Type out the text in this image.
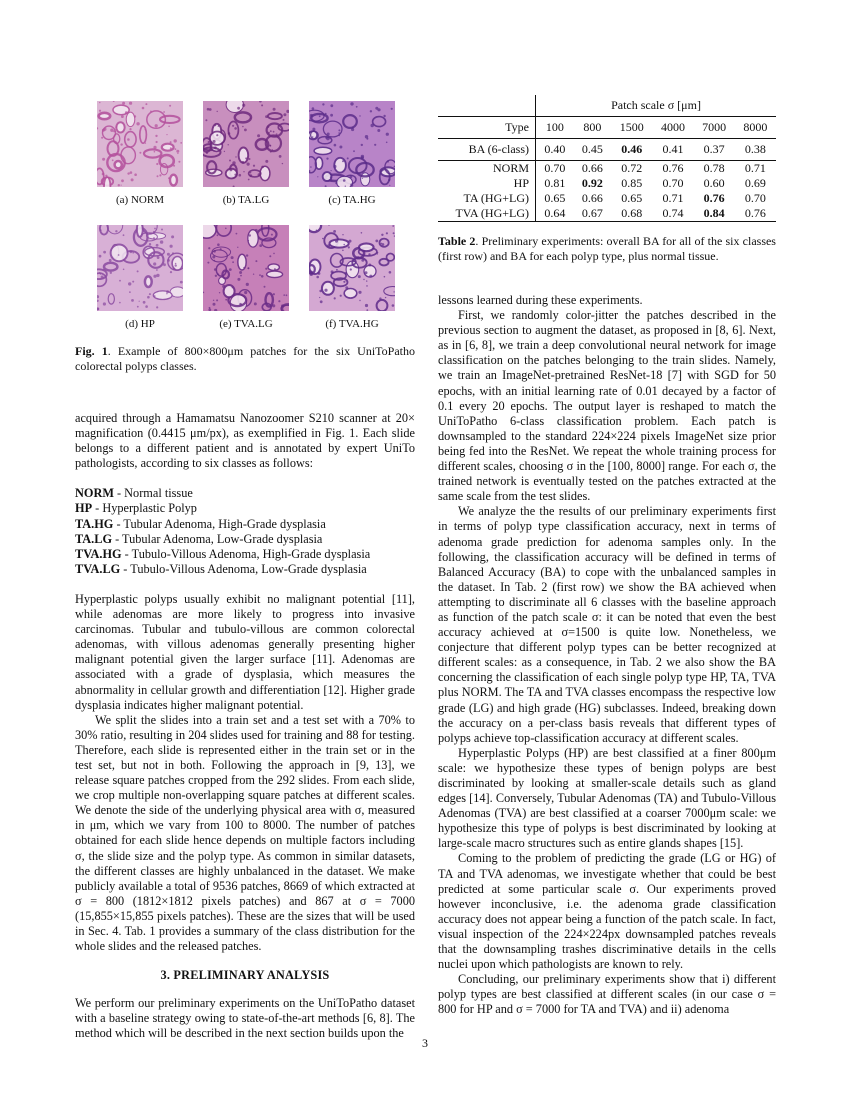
(a) NORM	(b) TA.LG	(c) TA.HG
(d) HP	(e) TVA.LG	(f) TVA.HG
Fig. 1. Example of 800×800μm patches for the six UniToPatho colorectal polyps classes.

acquired through a Hamamatsu Nanozoomer S210 scanner at 20× magnification (0.4415 μm/px), as exemplified in Fig. 1. Each slide belongs to a different patient and is annotated by expert UniTo pathologists, according to six classes as follows:

NORM - Normal tissue
HP - Hyperplastic Polyp
TA.HG - Tubular Adenoma, High-Grade dysplasia
TA.LG - Tubular Adenoma, Low-Grade dysplasia
TVA.HG - Tubulo-Villous Adenoma, High-Grade dysplasia
TVA.LG - Tubulo-Villous Adenoma, Low-Grade dysplasia

Hyperplastic polyps usually exhibit no malignant potential [11], while adenomas are more likely to progress into invasive carcinomas. Tubular and tubulo-villous are common colorectal adenomas, with villous adenomas generally presenting higher malignant potential given the larger surface [11]. Adenomas are associated with a grade of dysplasia, which measures the abnormality in cellular growth and differentiation [12]. Higher grade dysplasia indicates higher malignant potential.

We split the slides into a train set and a test set with a 70% to 30% ratio, resulting in 204 slides used for training and 88 for testing. Therefore, each slide is represented either in the train set or in the test set, but not in both. Following the approach in [9, 13], we release square patches cropped from the 292 slides. From each slide, we crop multiple non-overlapping square patches at different scales. We denote the side of the underlying physical area with σ, measured in μm, which we vary from 100 to 8000. The number of patches obtained for each slide hence depends on multiple factors including σ, the slide size and the polyp type. As common in similar datasets, the different classes are highly unbalanced in the dataset. We make publicly available a total of 9536 patches, 8669 of which extracted at σ = 800 (1812×1812 pixels patches) and 867 at σ = 7000 (15,855×15,855 pixels patches). These are the sizes that will be used in Sec. 4. Tab. 1 provides a summary of the class distribution for the whole slides and the released patches.

3. PRELIMINARY ANALYSIS

We perform our preliminary experiments on the UniToPatho dataset with a baseline strategy owing to state-of-the-art methods [6, 8]. The method which will be described in the next section builds upon the

	Patch scale σ [μm]					
Type	100	800	1500	4000	7000	8000
BA (6-class)	0.40	0.45	0.46	0.41	0.37	0.38
NORM	0.70	0.66	0.72	0.76	0.78	0.71
HP	0.81	0.92	0.85	0.70	0.60	0.69
TA (HG+LG)	0.65	0.66	0.65	0.71	0.76	0.70
TVA (HG+LG)	0.64	0.67	0.68	0.74	0.84	0.76
Table 2. Preliminary experiments: overall BA for all of the six classes (first row) and BA for each polyp type, plus normal tissue.

lessons learned during these experiments.

First, we randomly color-jitter the patches described in the previous section to augment the dataset, as proposed in [8, 6]. Next, as in [6, 8], we train a deep convolutional neural network for image classification on the patches belonging to the train slides. Namely, we train an ImageNet-pretrained ResNet-18 [7] with SGD for 50 epochs, with an initial learning rate of 0.01 decayed by a factor of 0.1 every 20 epochs. The output layer is reshaped to match the UniToPatho 6-class classification problem. Each patch is downsampled to the standard 224×224 pixels ImageNet size prior being fed into the ResNet. We repeat the whole training process for different scales, choosing σ in the [100, 8000] range. For each σ, the trained network is eventually tested on the patches extracted at the same scale from the test slides.

We analyze the the results of our preliminary experiments first in terms of polyp type classification accuracy, next in terms of adenoma grade prediction for adenoma samples only. In the following, the classification accuracy will be defined in terms of Balanced Accuracy (BA) to cope with the unbalanced samples in the dataset. In Tab. 2 (first row) we show the BA achieved when attempting to discriminate all 6 classes with the baseline approach as function of the patch scale σ: it can be noted that even the best accuracy achieved at σ=1500 is quite low. Nonetheless, we conjecture that different polyp types can be better recognized at different scales: as a consequence, in Tab. 2 we also show the BA concerning the classification of each single polyp type HP, TA, TVA plus NORM. The TA and TVA classes encompass the respective low grade (LG) and high grade (HG) subclasses. Indeed, breaking down the accuracy on a per-class basis reveals that different types of polyps achieve top-classification accuracy at different scales.

Hyperplastic Polyps (HP) are best classified at a finer 800μm scale: we hypothesize these types of benign polyps are best discriminated by looking at smaller-scale details such as gland edges [14]. Conversely, Tubular Adenomas (TA) and Tubulo-Villous Adenomas (TVA) are best classified at a coarser 7000μm scale: we hypothesize this type of polyps is best discriminated by looking at large-scale macro structures such as entire glands shapes [15].

Coming to the problem of predicting the grade (LG or HG) of TA and TVA adenomas, we investigate whether that could be best predicted at some particular scale σ. Our experiments proved however inconclusive, i.e. the adenoma grade classification accuracy does not appear being a function of the patch scale. In fact, visual inspection of the 224×224px downsampled patches reveals that the downsampling trashes discriminative details in the cells nuclei upon which pathologists are known to rely.

Concluding, our preliminary experiments show that i) different polyp types are best classified at different scales (in our case σ = 800 for HP and σ = 7000 for TA and TVA) and ii) adenoma

3
